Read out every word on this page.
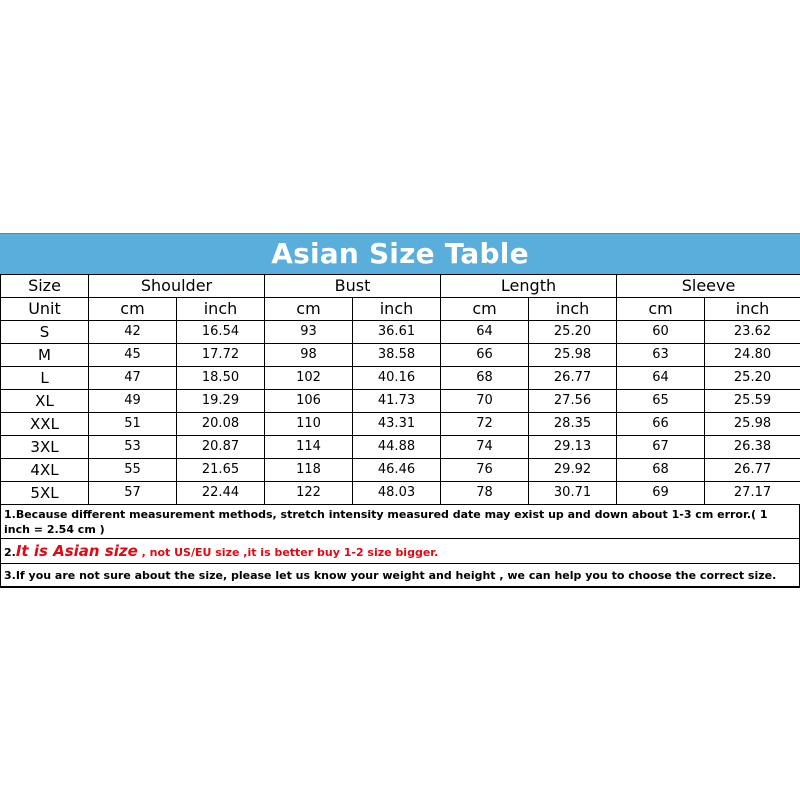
Asian Size Table
Size	Shoulder		Bust		Length		Sleeve	
Unit	cm	inch	cm	inch	cm	inch	cm	inch
S	42	16.54	93	36.61	64	25.20	60	23.62
M	45	17.72	98	38.58	66	25.98	63	24.80
L	47	18.50	102	40.16	68	26.77	64	25.20
XL	49	19.29	106	41.73	70	27.56	65	25.59
XXL	51	20.08	110	43.31	72	28.35	66	25.98
3XL	53	20.87	114	44.88	74	29.13	67	26.38
4XL	55	21.65	118	46.46	76	29.92	68	26.77
5XL	57	22.44	122	48.03	78	30.71	69	27.17
1.Because different measurement methods, stretch intensity measured date may exist up and down about 1-3 cm error.( 1 inch = 2.54 cm )
2.It is Asian size , not US/EU size ,it is better buy 1-2 size bigger.
3.If you are not sure about the size, please let us know your weight and height , we can help you to choose the correct size.
